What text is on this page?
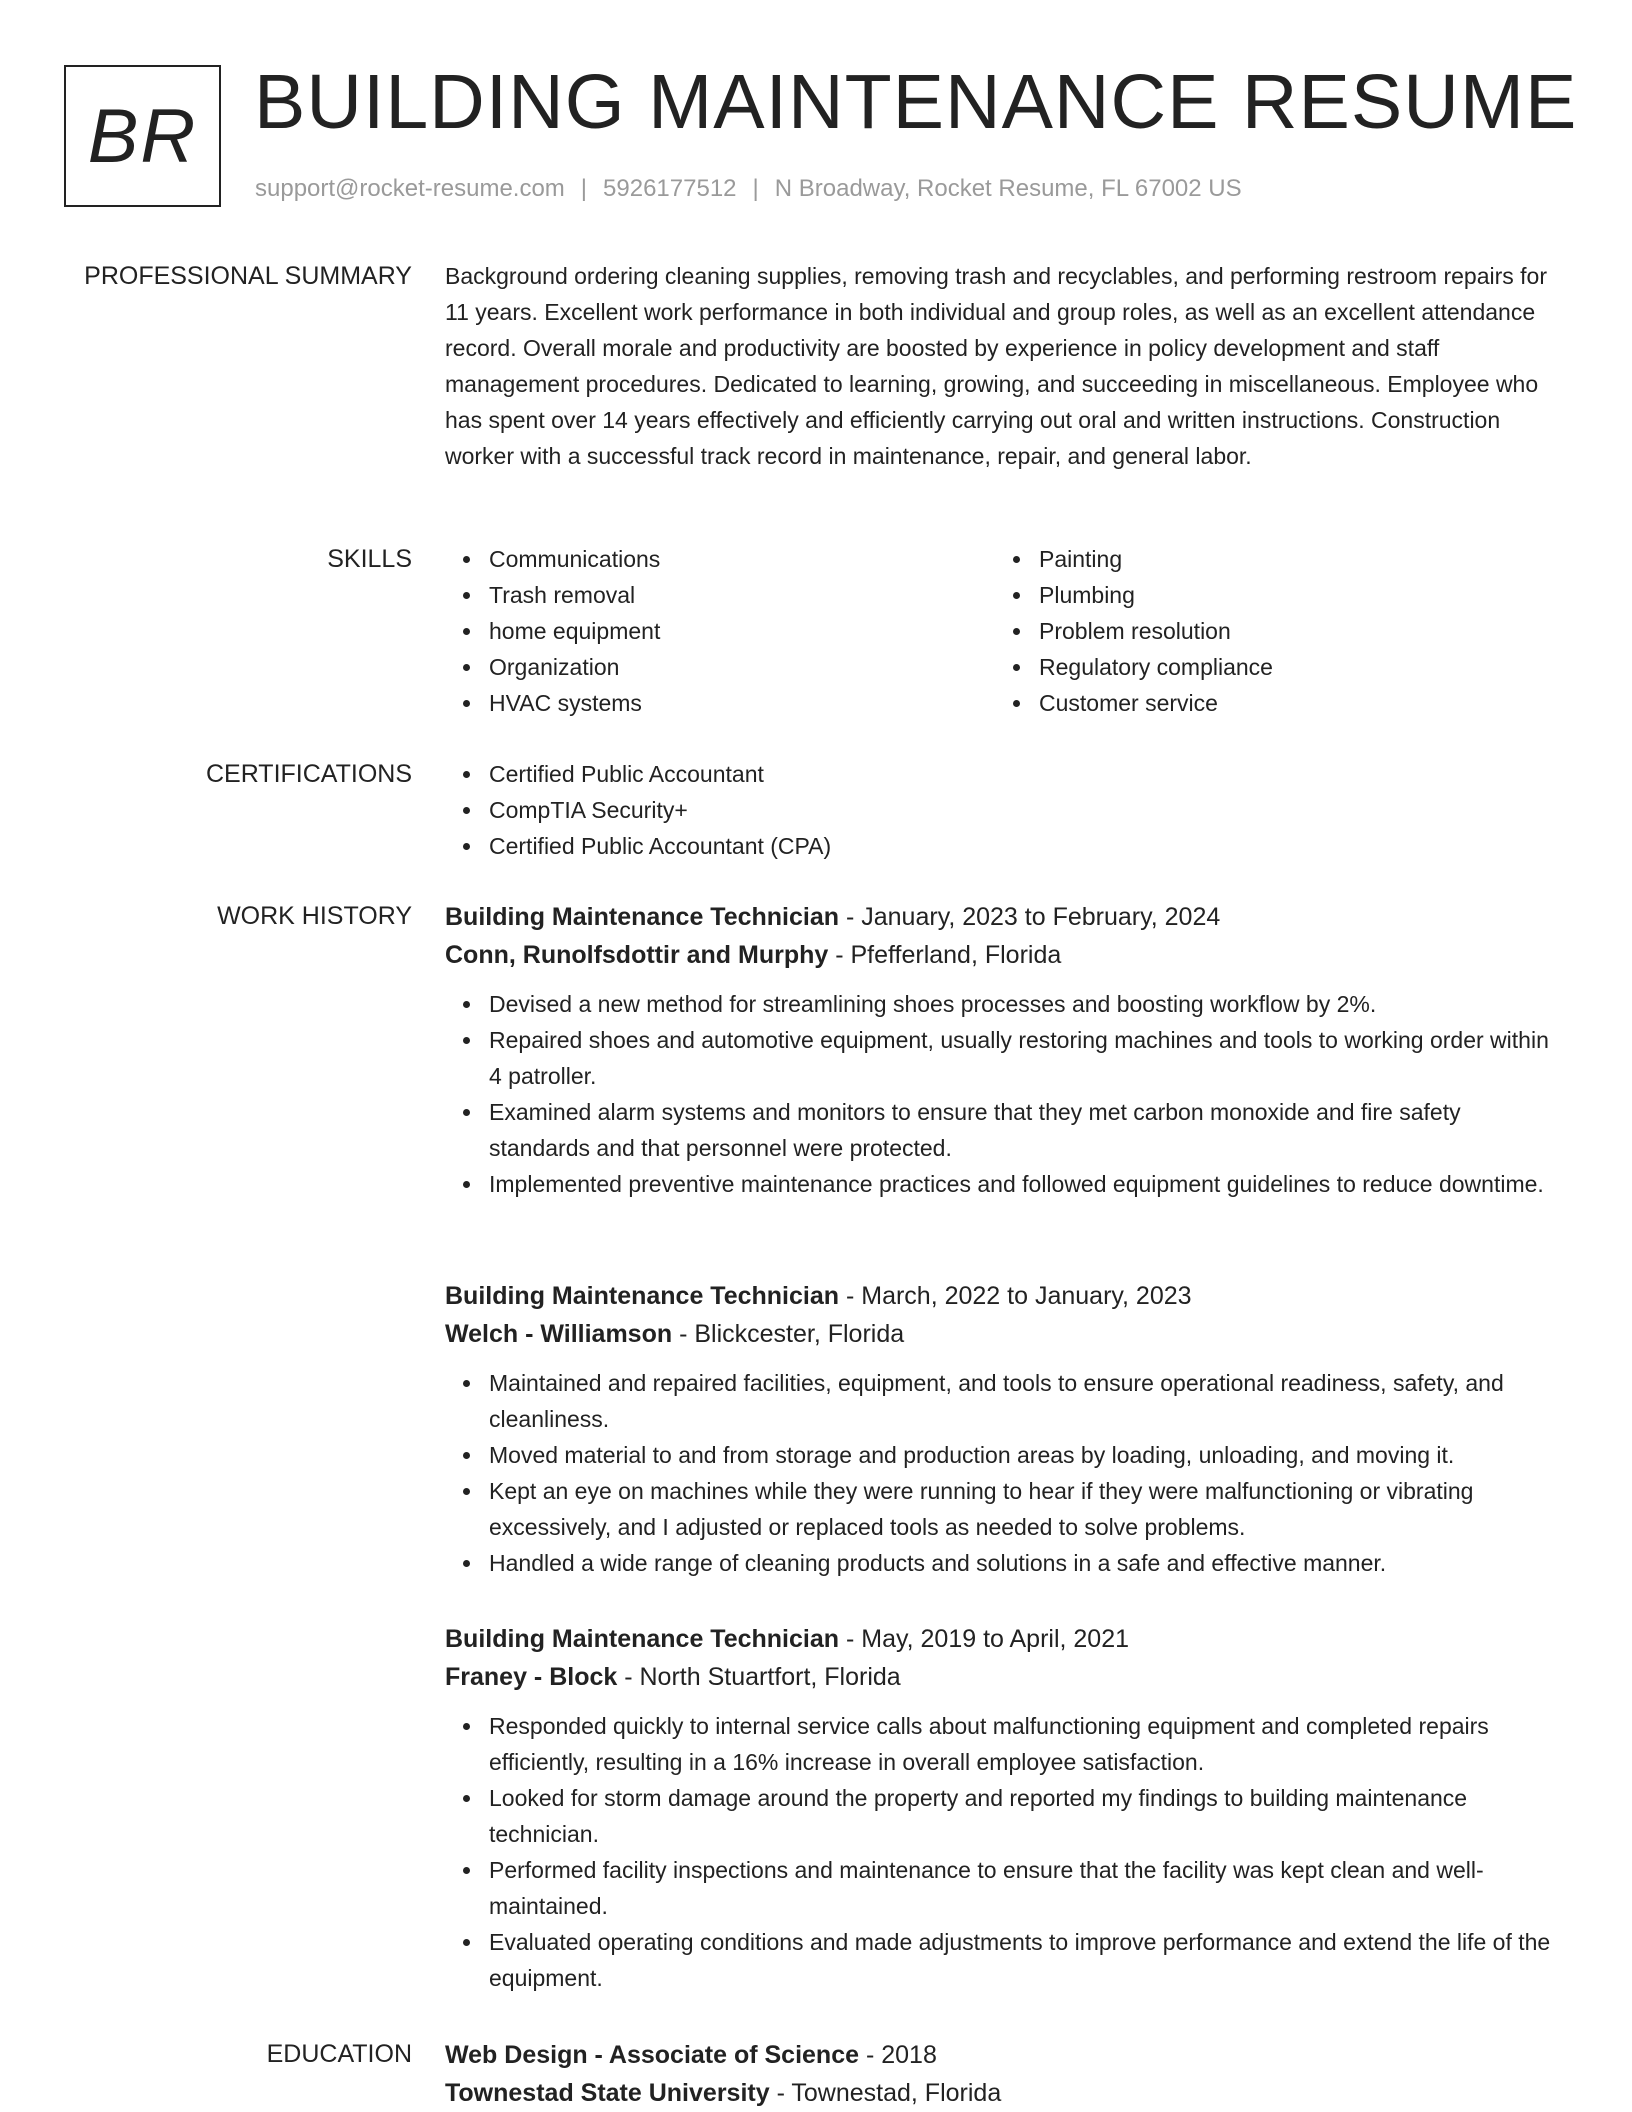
BR BUILDING MAINTENANCE RESUME
support@rocket-resume.com | 5926177512 | N Broadway, Rocket Resume, FL 67002 US
PROFESSIONAL SUMMARY Background ordering cleaning supplies, removing trash and recyclables, and performing restroom repairs for 11 years. Excellent work performance in both individual and group roles, as well as an excellent attendance record. Overall morale and productivity are boosted by experience in policy development and staff management procedures. Dedicated to learning, growing, and succeeding in miscellaneous. Employee who has spent over 14 years effectively and efficiently carrying out oral and written instructions. Construction worker with a successful track record in maintenance, repair, and general labor.

SKILLS	Communications
Trash removal
home equipment
Organization
HVAC systems
Painting
Plumbing
Problem resolution
Regulatory compliance
Customer service
CERTIFICATIONS	Certified Public Accountant
CompTIA Security+
Certified Public Accountant (CPA)
WORK HISTORY Building Maintenance Technician - January, 2023 to February, 2024
Conn, Runolfsdottir and Murphy - Pfefferland, Florida
Devised a new method for streamlining shoes processes and boosting workflow by 2%.
Repaired shoes and automotive equipment, usually restoring machines and tools to working order within 4 patroller.
Examined alarm systems and monitors to ensure that they met carbon monoxide and fire safety standards and that personnel were protected.
Implemented preventive maintenance practices and followed equipment guidelines to reduce downtime.
Building Maintenance Technician - March, 2022 to January, 2023
Welch - Williamson - Blickcester, Florida
Maintained and repaired facilities, equipment, and tools to ensure operational readiness, safety, and cleanliness.
Moved material to and from storage and production areas by loading, unloading, and moving it.
Kept an eye on machines while they were running to hear if they were malfunctioning or vibrating excessively, and I adjusted or replaced tools as needed to solve problems.
Handled a wide range of cleaning products and solutions in a safe and effective manner.
Building Maintenance Technician - May, 2019 to April, 2021
Franey - Block - North Stuartfort, Florida
Responded quickly to internal service calls about malfunctioning equipment and completed repairs efficiently, resulting in a 16% increase in overall employee satisfaction.
Looked for storm damage around the property and reported my findings to building maintenance technician.
Performed facility inspections and maintenance to ensure that the facility was kept clean and well-maintained.
Evaluated operating conditions and made adjustments to improve performance and extend the life of the equipment.
EDUCATION Web Design - Associate of Science - 2018
Townestad State University - Townestad, Florida
